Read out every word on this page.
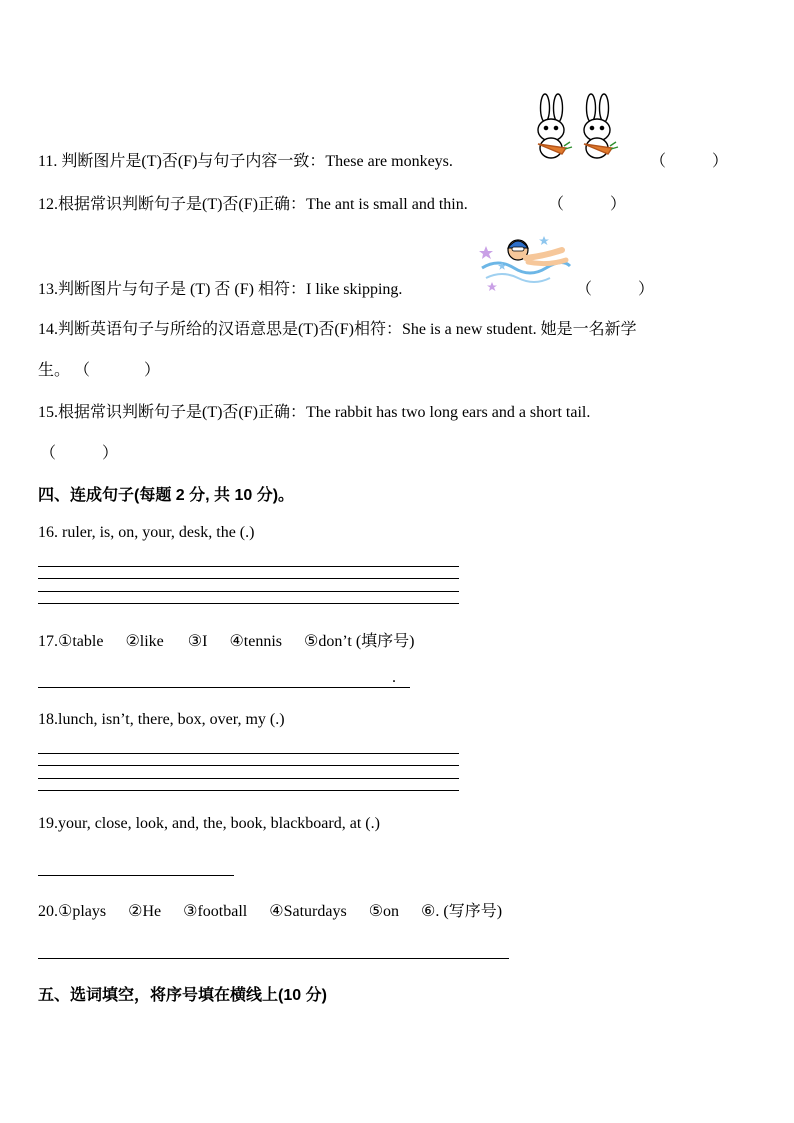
11. 判断图片是(T)否(F)与句子内容一致：These are monkeys.	（	）
12.根据常识判断句子是(T)否(F)正确：The ant is small and thin.	（	）
13.判断图片与句子是 (T) 否 (F) 相符：I like skipping.	（	）
14.判断英语句子与所给的汉语意思是(T)否(F)相符：She is a new student. 她是一名新学
生。 （	）
15.根据常识判断句子是(T)否(F)正确：The rabbit has two long ears and a short tail.
（	）
四、连成句子(每题 2 分, 共 10 分)。
16. ruler, is, on, your, desk, the (.)
17.①table ②like ③I ④tennis ⑤don’t (填序号)
.
18.lunch, isn’t, there, box, over, my (.)
19.your, close, look, and, the, book, blackboard, at (.)
20.①plays ②He ③football ④Saturdays ⑤on ⑥. (写序号)
五、选词填空，将序号填在横线上(10 分)
